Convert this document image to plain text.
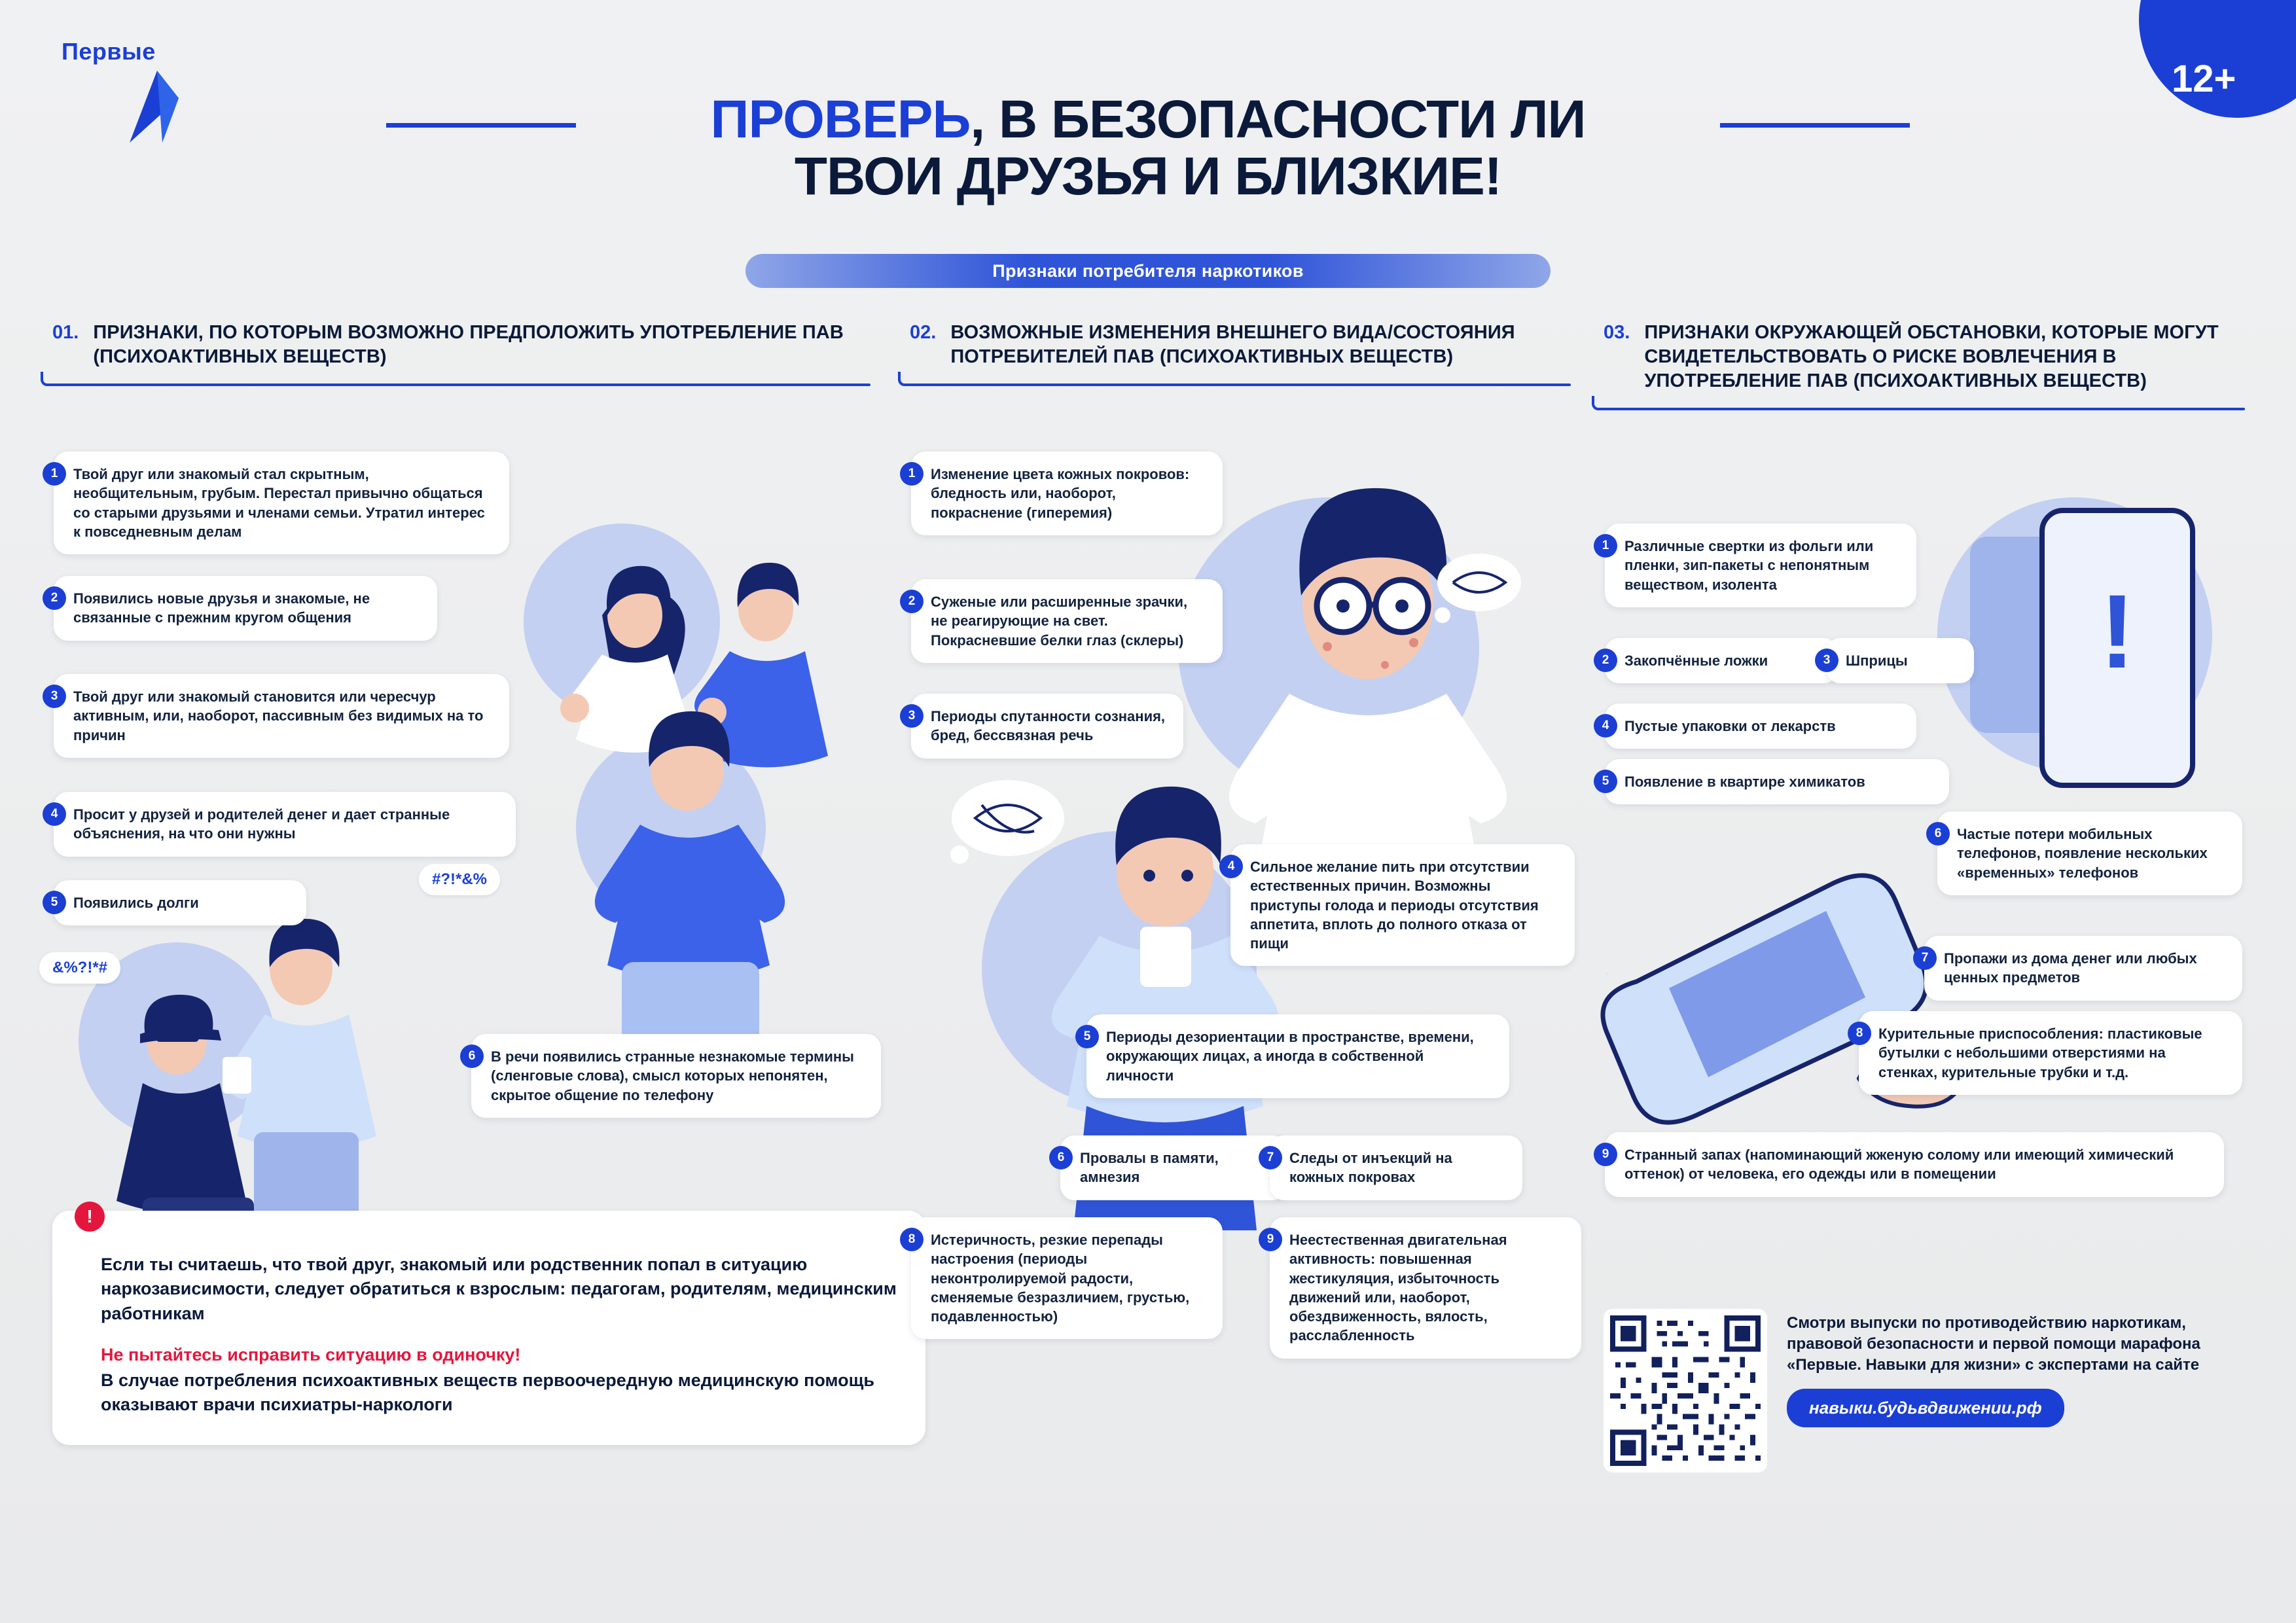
12+
Первые
ПРОВЕРЬ, В БЕЗОПАСНОСТИ ЛИ
ТВОИ ДРУЗЬЯ И БЛИЗКИЕ!
Признаки потребителя наркотиков
01. ПРИЗНАКИ, ПО КОТОРЫМ ВОЗМОЖНО ПРЕДПОЛОЖИТЬ УПОТРЕБЛЕНИЕ ПАВ (ПСИХОАКТИВНЫХ ВЕЩЕСТВ)
#?!*&%
&%?!*#
1	Твой друг или знакомый стал скрытным, необщительным, грубым. Перестал привычно общаться со старыми друзьями и членами семьи. Утратил интерес к повседневным делам
2	Появились новые друзья и знакомые, не связанные с прежним кругом общения
3	Твой друг или знакомый становится или чересчур активным, или, наоборот, пассивным без видимых на то причин
4	Просит у друзей и родителей денег и дает странные объяснения, на что они нужны
5	Появились долги
6	В речи появились странные незнакомые термины (сленговые слова), смысл которых непонятен, скрытое общение по телефону
!
Если ты считаешь, что твой друг, знакомый или родственник попал в ситуацию наркозависимости, следует обратиться к взрослым: педагогам, родителям, медицинским работникам
Не пытайтесь исправить ситуацию в одиночку!
В случае потребления психоактивных веществ первоочередную медицинскую помощь оказывают врачи психиатры-наркологи
02. ВОЗМОЖНЫЕ ИЗМЕНЕНИЯ ВНЕШНЕГО ВИДА/СОСТОЯНИЯ ПОТРЕБИТЕЛЕЙ ПАВ (ПСИХОАКТИВНЫХ ВЕЩЕСТВ)
1	Изменение цвета кожных покровов: бледность или, наоборот, покраснение (гиперемия)
2	Суженые или расширенные зрачки, не реагирующие на свет. Покрасневшие белки глаз (склеры)
3	Периоды спутанности сознания, бред, бессвязная речь
4	Сильное желание пить при отсутствии естественных причин. Возможны приступы голода и периоды отсутствия аппетита, вплоть до полного отказа от пищи
5	Периоды дезориентации в пространстве, времени, окружающих лицах, а иногда в собственной личности
6	Провалы в памяти, амнезия
7	Следы от инъекций на кожных покровах
8	Истеричность, резкие перепады настроения (периоды неконтролируемой радости, сменяемые безразличием, грустью, подавленностью)
9	Неестественная двигательная активность: повышенная жестикуляция, избыточность движений или, наоборот, обездвиженность, вялость, расслабленность
03. ПРИЗНАКИ ОКРУЖАЮЩЕЙ ОБСТАНОВКИ, КОТОРЫЕ МОГУТ СВИДЕТЕЛЬСТВОВАТЬ О РИСКЕ ВОВЛЕЧЕНИЯ В УПОТРЕБЛЕНИЕ ПАВ (ПСИХОАКТИВНЫХ ВЕЩЕСТВ)
!
1	Различные свертки из фольги или пленки, зип-пакеты с непонятным веществом, изолента
2	Закопчённые ложки	3	Шприцы
4	Пустые упаковки от лекарств
5	Появление в квартире химикатов
6	Частые потери мобильных телефонов, появление нескольких «временных» телефонов
7	Пропажи из дома денег или любых ценных предметов
8	Курительные приспособления: пластиковые бутылки с небольшими отверстиями на стенках, курительные трубки и т.д.
9	Странный запах (напоминающий жженую солому или имеющий химический оттенок) от человека, его одежды или в помещении
Смотри выпуски по противодействию наркотикам, правовой безопасности и первой помощи марафона «Первые. Навыки для жизни» с экспертами на сайте
навыки.будьвдвижении.рф
